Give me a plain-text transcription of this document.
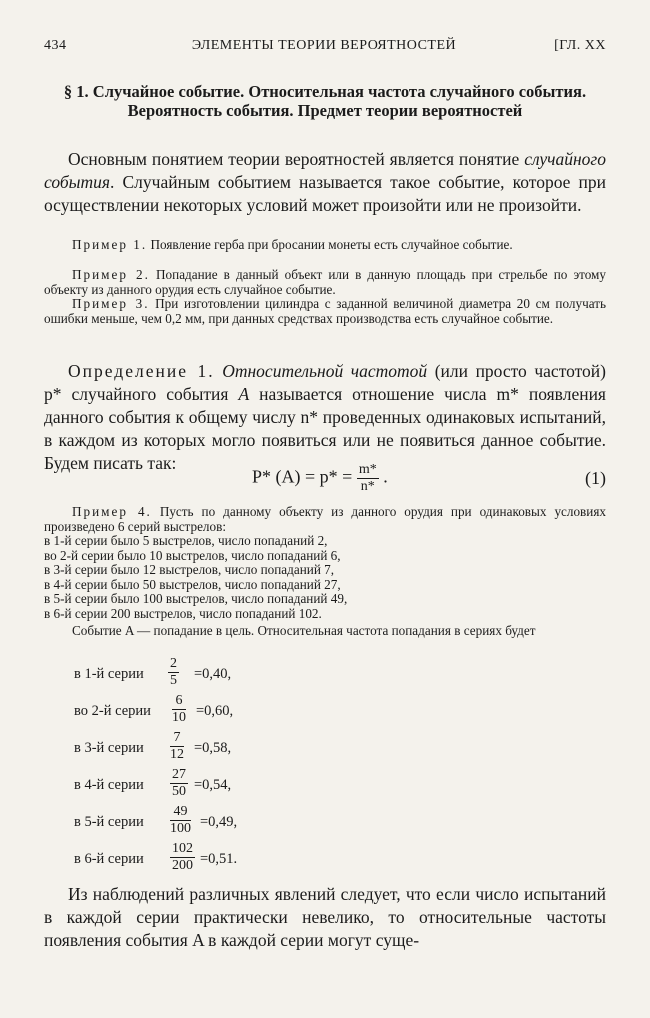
434	ЭЛЕМЕНТЫ ТЕОРИИ ВЕРОЯТНОСТЕЙ	[ГЛ. XX
§ 1. Случайное событие. Относительная частота случайного события. Вероятность события. Предмет теории вероятностей

Основным понятием теории вероятностей является понятие случайного события. Случайным событием называется такое событие, которое при осуществлении некоторых условий может произойти или не произойти.

Пример 1. Появление герба при бросании монеты есть случайное событие.

Пример 2. Попадание в данный объект или в данную площадь при стрельбе по этому объекту из данного орудия есть случайное событие.

Пример 3. При изготовлении цилиндра с заданной величиной диаметра 20 см получать ошибки меньше, чем 0,2 мм, при данных средствах производства есть случайное событие.

Определение 1. Относительной частотой (или просто частотой) p* случайного события A называется отношение числа m* появления данного события к общему числу n* проведенных одинаковых испытаний, в каждом из которых могло появиться или не появиться данное событие. Будем писать так:

P* $(A) = p* = \frac{m*}{n*}$ .	(1)

Пример 4. Пусть по данному объекту из данного орудия при одинаковых условиях произведено 6 серий выстрелов:

в 1-й серии было 5 выстрелов, число попаданий 2,
во 2-й серии было 10 выстрелов, число попаданий 6,
в 3-й серии было 12 выстрелов, число попаданий 7,
в 4-й серии было 50 выстрелов, число попаданий 27,
в 5-й серии было 100 выстрелов, число попаданий 49,
в 6-й серии 200 выстрелов, число попаданий 102.

Событие A — попадание в цель. Относительная частота попадания в сериях будет

в 1-й серии $\frac{2}{5} =0,40$,
во 2-й серии $\frac{6}{10} =0,60$,
в 3-й серии $\frac{7}{12} =0,58$,
в 4-й серии $\frac{27}{50} =0,54$,
в 5-й серии $\frac{49}{100} =0,49$,
в 6-й серии $\frac{102}{200} =0,51$.

Из наблюдений различных явлений следует, что если число испытаний в каждой серии практически невелико, то относительные частоты появления события A в каждой серии могут суще-
